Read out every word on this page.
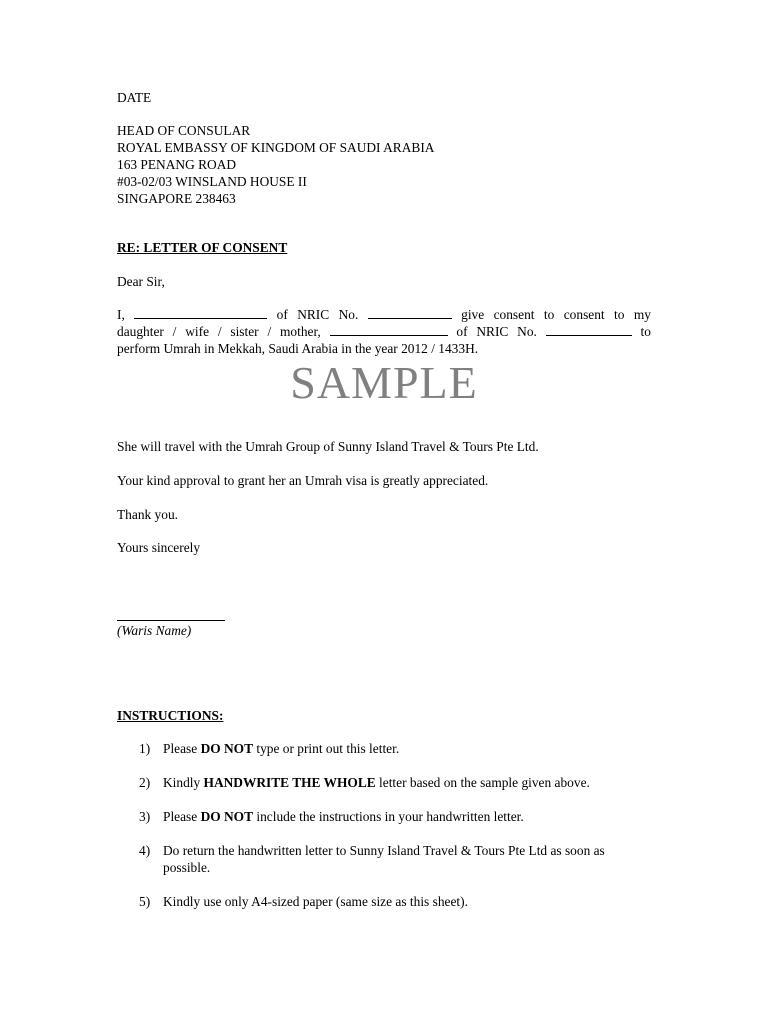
DATE
HEAD OF CONSULAR
ROYAL EMBASSY OF KINGDOM OF SAUDI ARABIA
163 PENANG ROAD
#03-02/03 WINSLAND HOUSE II
SINGAPORE 238463
RE: LETTER OF CONSENT
Dear Sir,
I,	of NRIC No.	give consent to consent to my
daughter / wife / sister / mother,	of NRIC No.	to
perform Umrah in Mekkah, Saudi Arabia in the year 2012 / 1433H.
SAMPLE
She will travel with the Umrah Group of Sunny Island Travel & Tours Pte Ltd.
Your kind approval to grant her an Umrah visa is greatly appreciated.
Thank you.
Yours sincerely
(Waris Name)
INSTRUCTIONS:
1) Please DO NOT type or print out this letter.
2) Kindly HANDWRITE THE WHOLE letter based on the sample given above.
3) Please DO NOT include the instructions in your handwritten letter.
4) Do return the handwritten letter to Sunny Island Travel & Tours Pte Ltd as soon as possible.
5) Kindly use only A4-sized paper (same size as this sheet).
